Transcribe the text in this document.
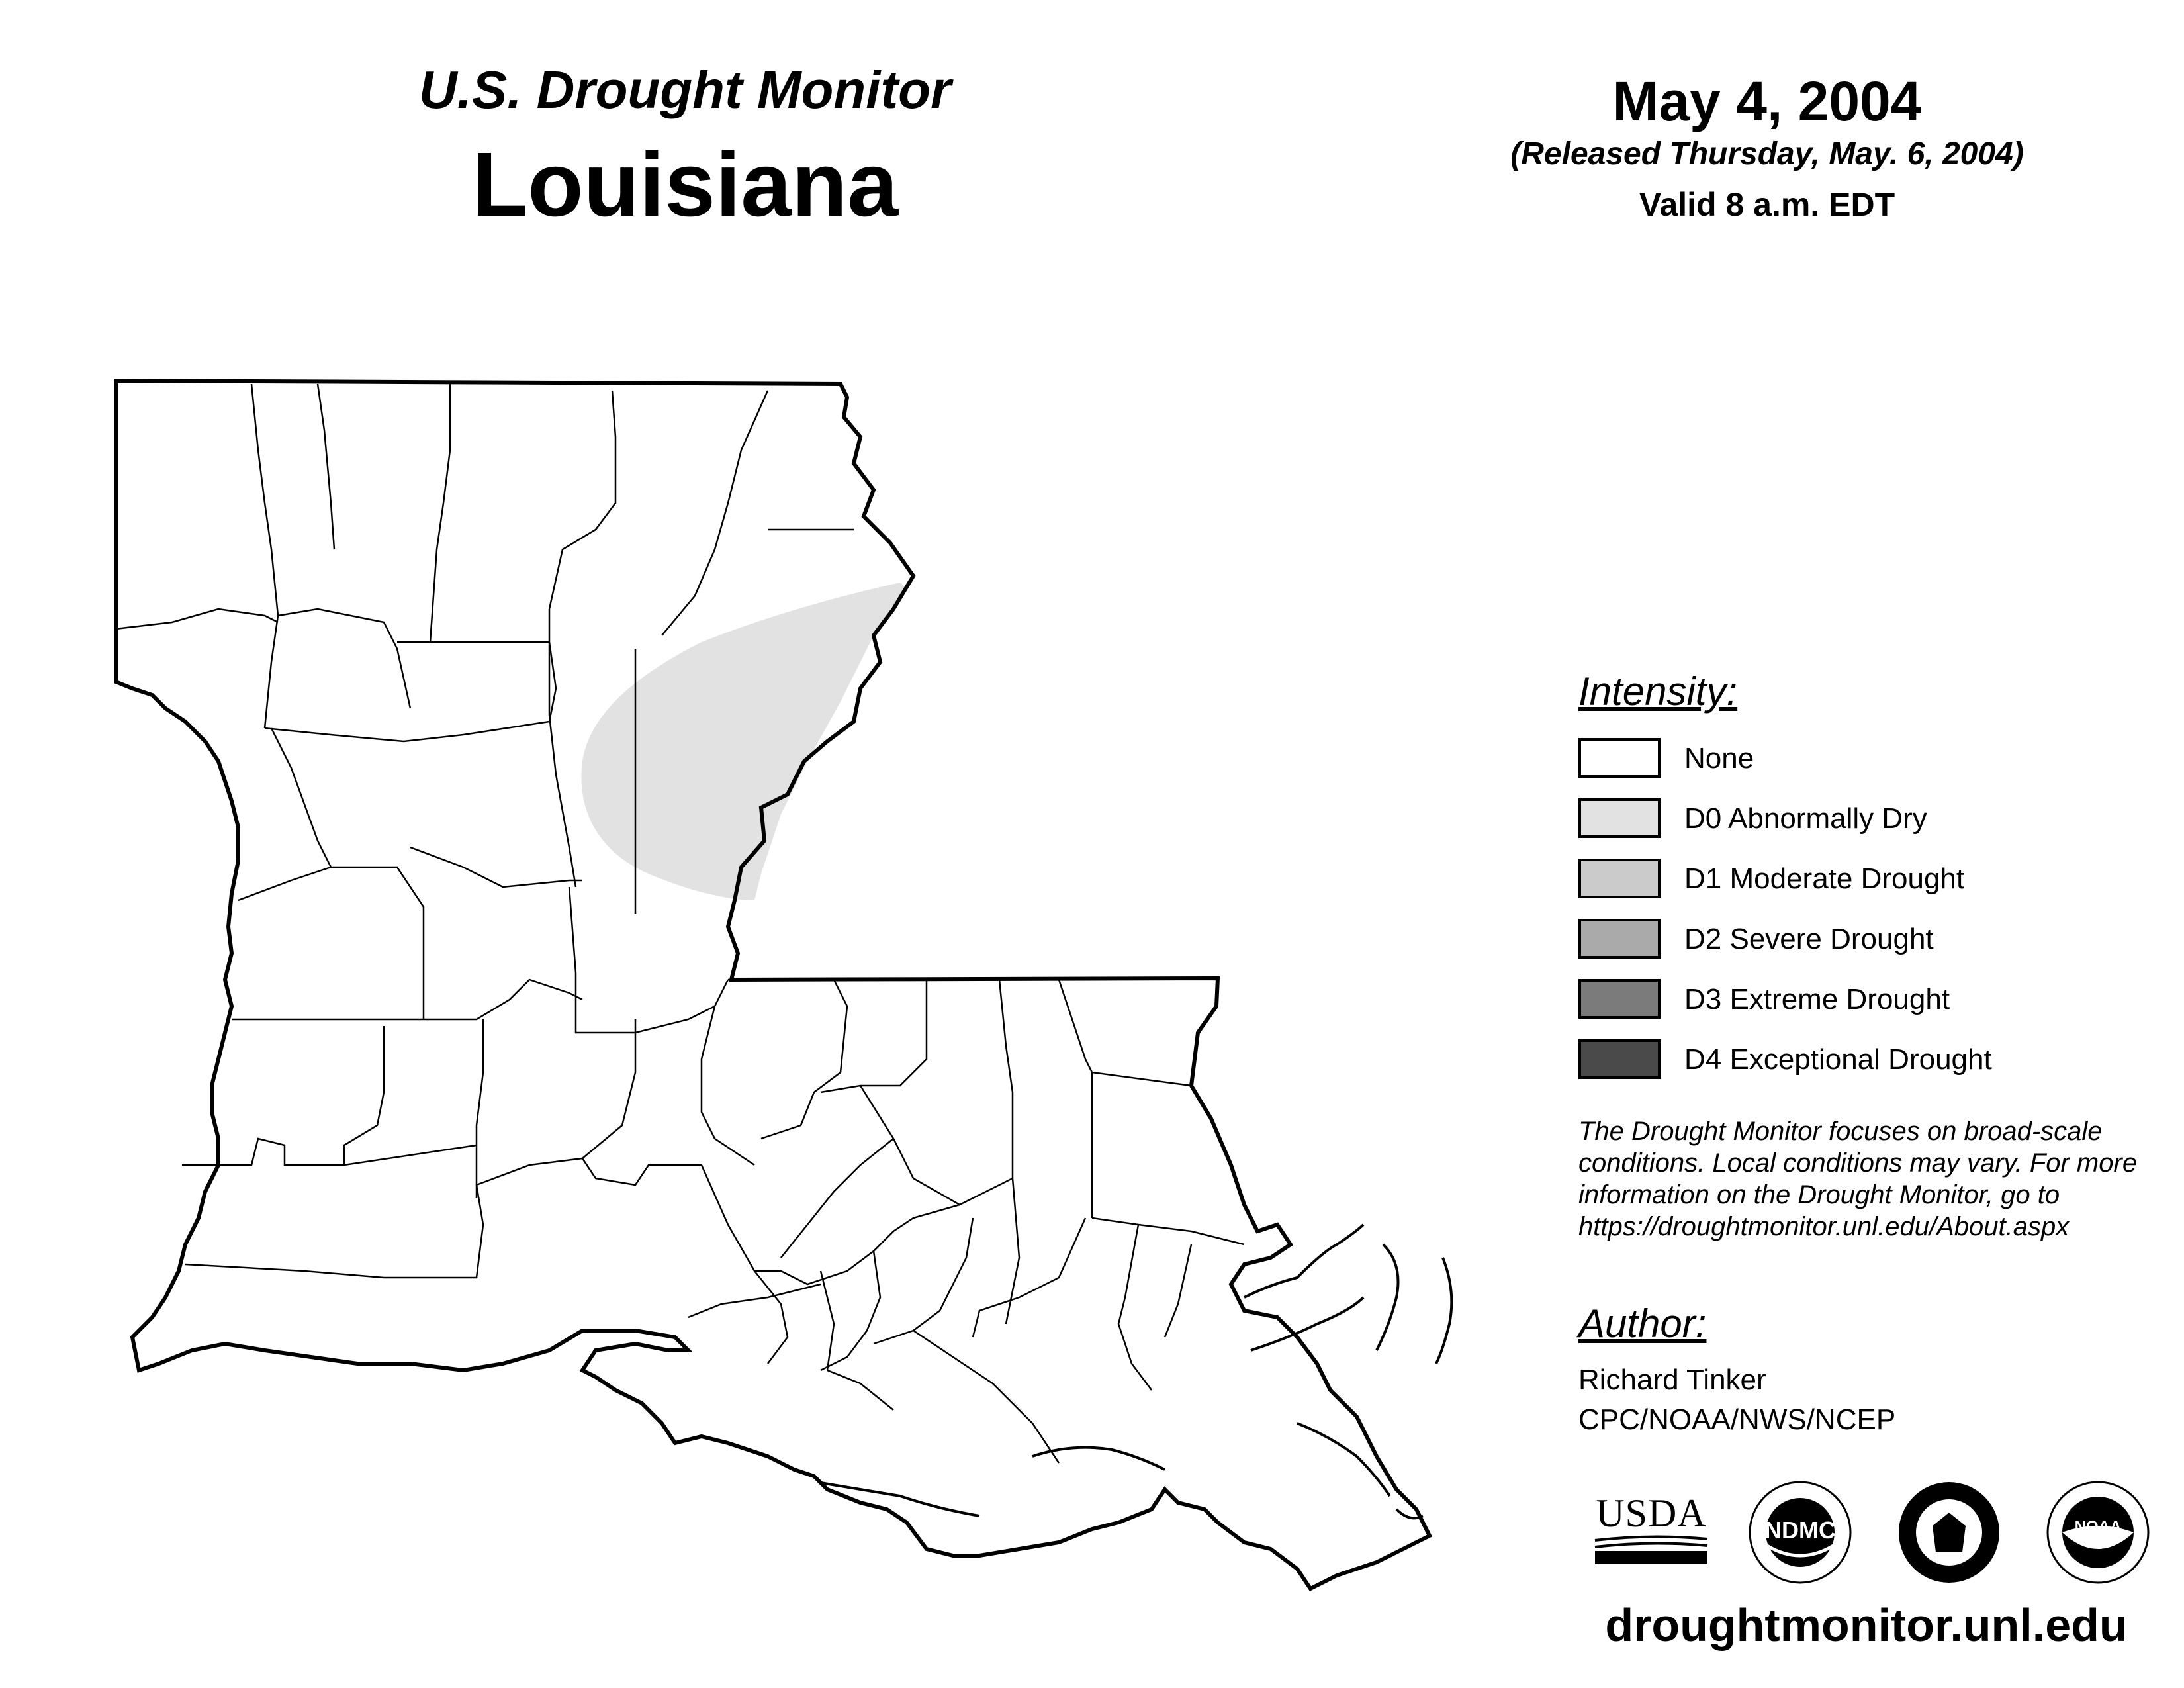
U.S. Drought Monitor
Louisiana
May 4, 2004
(Released Thursday, May. 6, 2004)
Valid 8 a.m. EDT
Intensity:
None
D0 Abnormally Dry
D1 Moderate Drought
D2 Severe Drought
D3 Extreme Drought
D4 Exceptional Drought
The Drought Monitor focuses on broad-scale conditions. Local conditions may vary. For more information on the Drought Monitor, go to https://droughtmonitor.unl.edu/About.aspx
Author:
Richard Tinker
CPC/NOAA/NWS/NCEP
USDA	NDMC	NOAA
droughtmonitor.unl.edu
